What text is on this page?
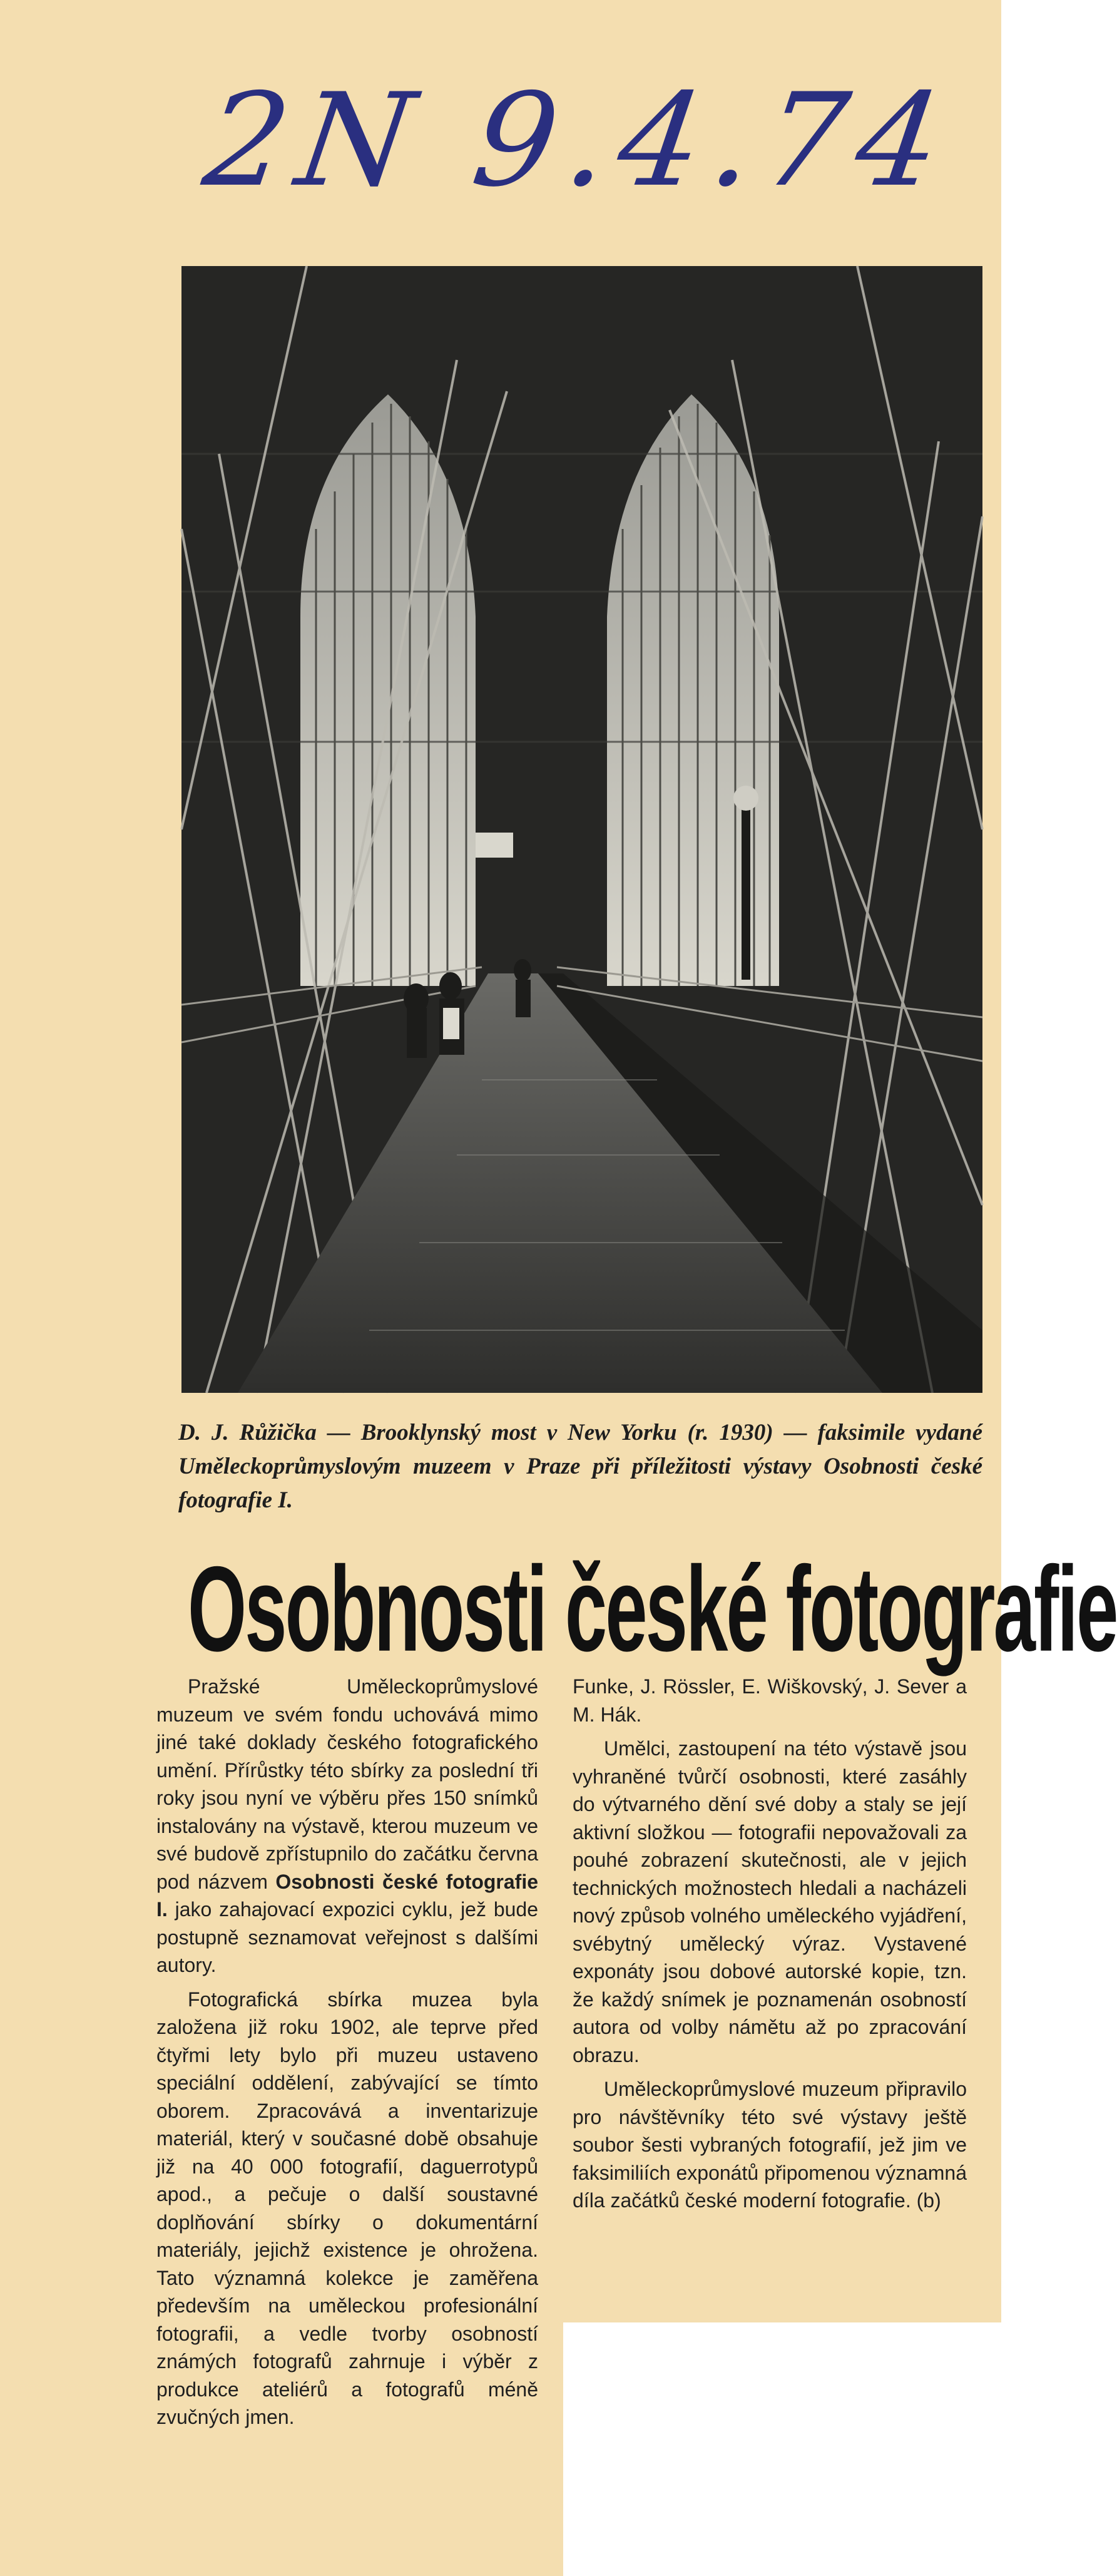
2N 9.4.74
D. J. Růžička — Brooklynský most v New Yorku (r. 1930) — faksimile vydané Uměleckoprůmyslovým muzeem v Praze při příležitosti výstavy Osobnosti české fotografie I.
Osobnosti české fotografie

Pražské Uměleckoprůmyslové muzeum ve svém fondu uchovává mimo jiné také doklady českého fotografického umění. Přírůstky této sbírky za poslední tři roky jsou nyní ve výběru přes 150 snímků instalovány na výstavě, kterou muzeum ve své budově zpřístupnilo do začátku června pod názvem Osobnosti české fotografie I. jako zahajovací expozici cyklu, jež bude postupně seznamovat veřejnost s dalšími autory.

Fotografická sbírka muzea byla založena již roku 1902, ale teprve před čtyřmi lety bylo při muzeu ustaveno speciální oddělení, zabývající se tímto oborem. Zpracovává a inventarizuje materiál, který v současné době obsahuje již na 40 000 fotografií, daguerrotypů apod., a pečuje o další soustavné doplňování sbírky o dokumentární materiály, jejichž existence je ohrožena. Tato významná kolekce je zaměřena především na uměleckou profesionální fotografii, a vedle tvorby osobností známých fotografů zahrnuje i výběr z produkce ateliérů a fotografů méně zvučných jmen.

Funke, J. Rössler, E. Wiškovský, J. Sever a M. Hák.

Umělci, zastoupení na této výstavě jsou vyhraněné tvůrčí osobnosti, které zasáhly do výtvarného dění své doby a staly se její aktivní složkou — fotografii nepovažovali za pouhé zobrazení skutečnosti, ale v jejich technických možnostech hledali a nacházeli nový způsob volného uměleckého vyjádření, svébytný umělecký výraz. Vystavené exponáty jsou dobové autorské kopie, tzn. že každý snímek je poznamenán osobností autora od volby námětu až po zpracování obrazu.

Uměleckoprůmyslové muzeum připravilo pro návštěvníky této své výstavy ještě soubor šesti vybraných fotografií, jež jim ve faksimiliích exponátů připomenou významná díla začátků české moderní fotografie. (b)
